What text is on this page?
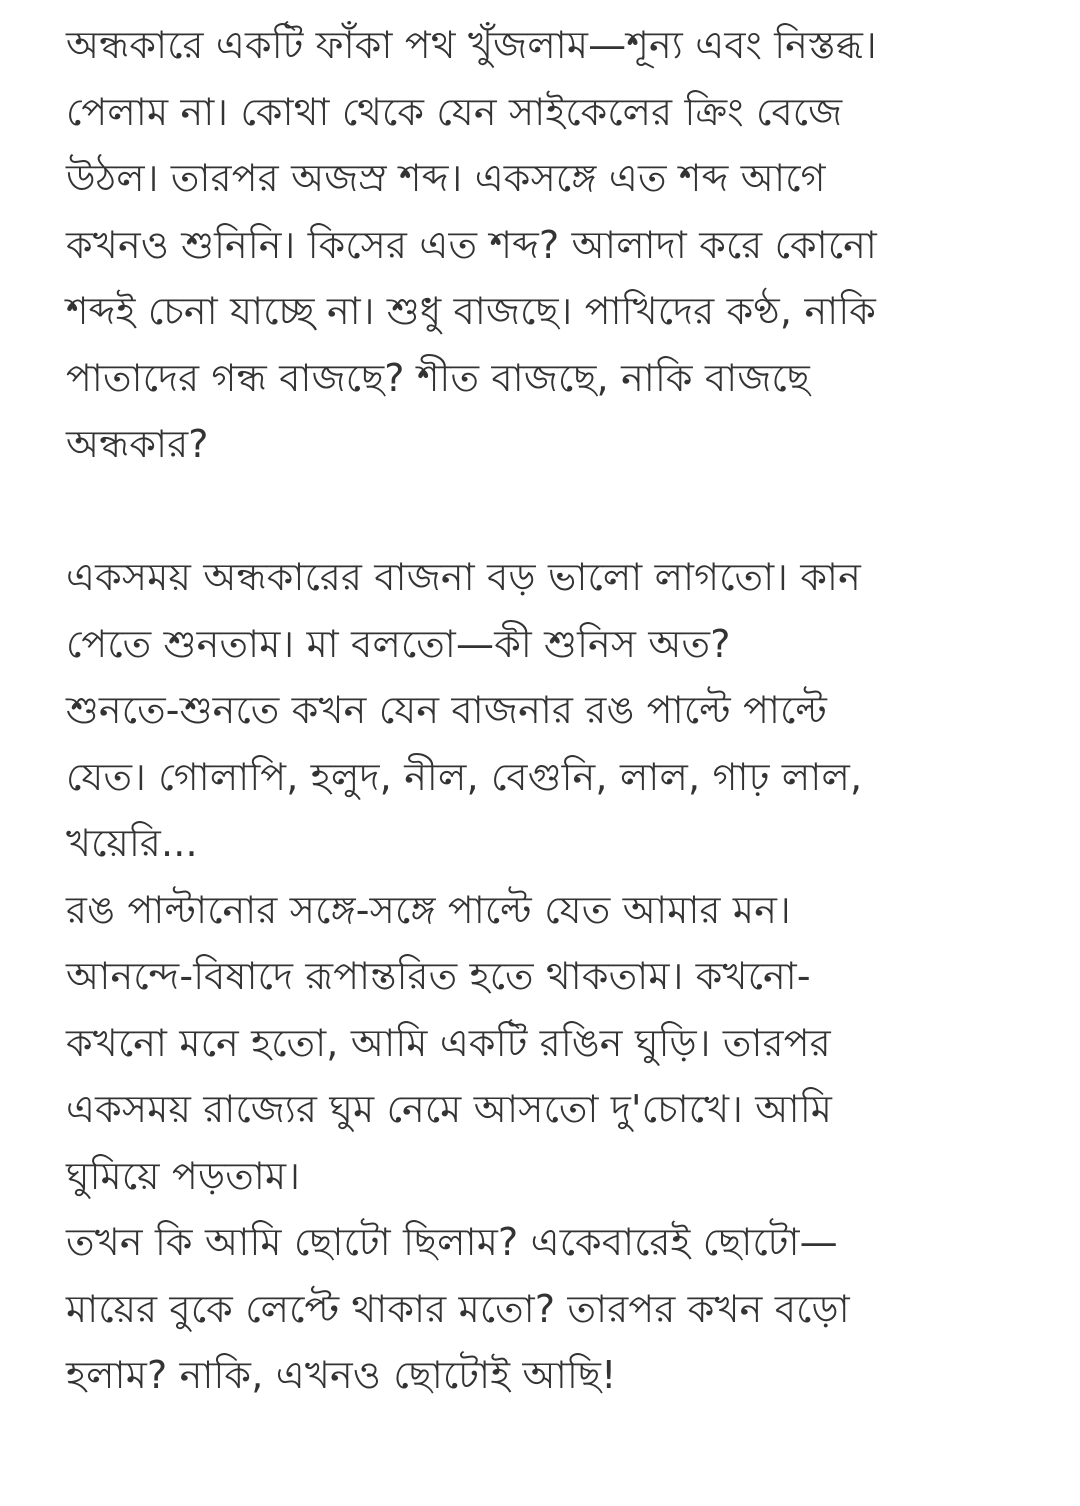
অন্ধকারে একটি ফাঁকা পথ খুঁজলাম—শূন্য এবং নিস্তব্ধ।
পেলাম না। কোথা থেকে যেন সাইকেলের ক্রিং বেজে
উঠল। তারপর অজস্র শব্দ। একসঙ্গে এত শব্দ আগে
কখনও শুনিনি। কিসের এত শব্দ? আলাদা করে কোনো
শব্দই চেনা যাচ্ছে না। শুধু বাজছে। পাখিদের কণ্ঠ, নাকি
পাতাদের গন্ধ বাজছে? শীত বাজছে, নাকি বাজছে
অন্ধকার?
একসময় অন্ধকারের বাজনা বড় ভালো লাগতো। কান
পেতে শুনতাম। মা বলতো—কী শুনিস অত?
শুনতে-শুনতে কখন যেন বাজনার রঙ পাল্টে পাল্টে
যেত। গোলাপি, হলুদ, নীল, বেগুনি, লাল, গাঢ় লাল,
খয়েরি...
রঙ পাল্টানোর সঙ্গে-সঙ্গে পাল্টে যেত আমার মন।
আনন্দে-বিষাদে রূপান্তরিত হতে থাকতাম। কখনো-
কখনো মনে হতো, আমি একটি রঙিন ঘুড়ি। তারপর
একসময় রাজ্যের ঘুম নেমে আসতো দু'চোখে। আমি
ঘুমিয়ে পড়তাম।
তখন কি আমি ছোটো ছিলাম? একেবারেই ছোটো—
মায়ের বুকে লেপ্টে থাকার মতো? তারপর কখন বড়ো
হলাম? নাকি, এখনও ছোটোই আছি!
